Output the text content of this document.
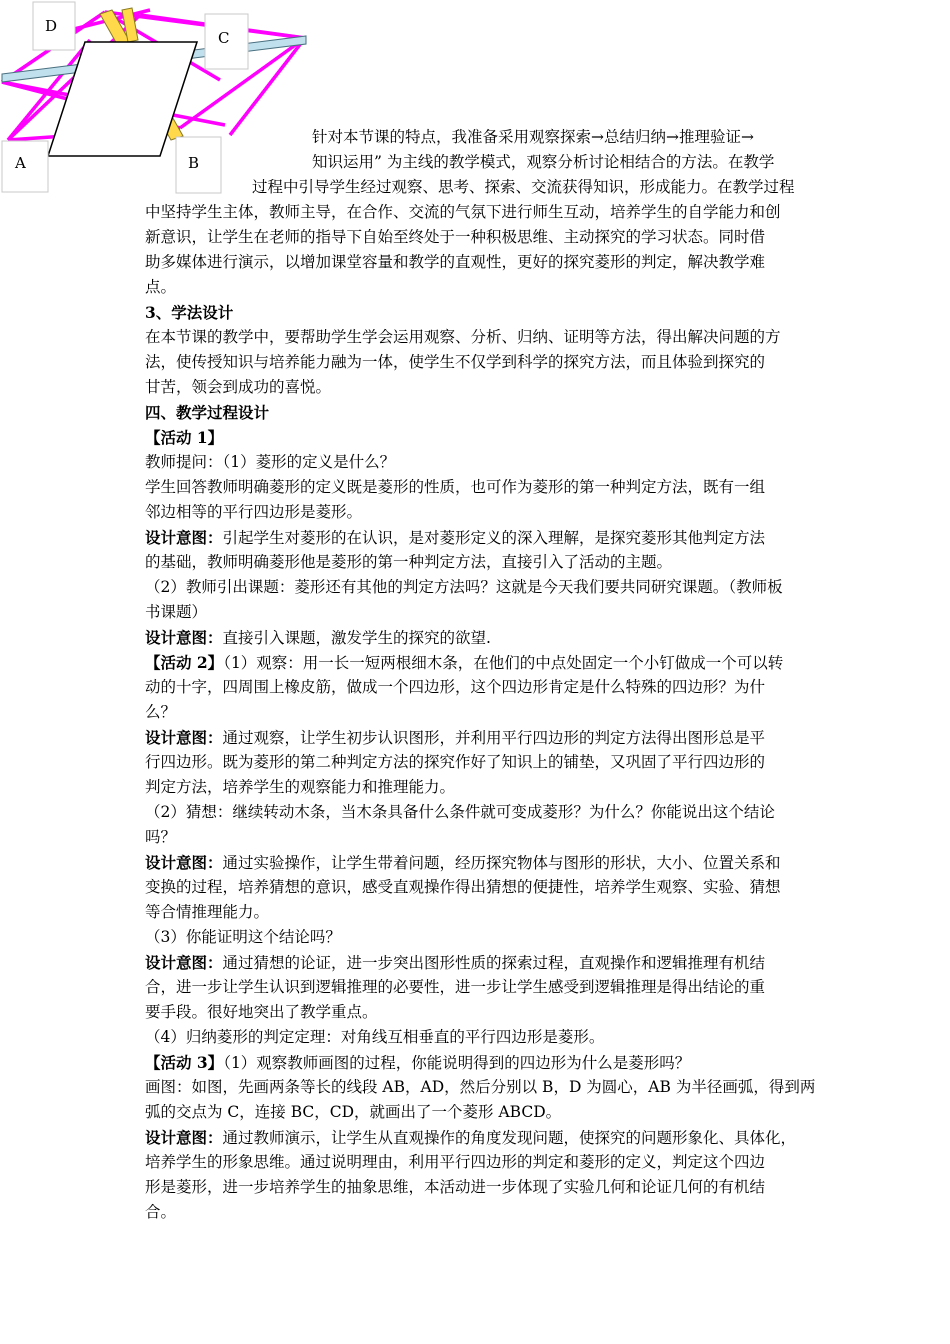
D
C
A	B
针对本节课的特点，我准备采用观察探索→总结归纳→推理验证→
知识运用” 为主线的教学模式，观察分析讨论相结合的方法。在教学
过程中引导学生经过观察、思考、探索、交流获得知识，形成能力。在教学过程
中坚持学生主体，教师主导，在合作、交流的气氛下进行师生互动，培养学生的自学能力和创
新意识，让学生在老师的指导下自始至终处于一种积极思维、主动探究的学习状态。同时借
助多媒体进行演示，以增加课堂容量和教学的直观性，更好的探究菱形的判定，解决教学难
点。
3、学法设计
在本节课的教学中，要帮助学生学会运用观察、分析、归纳、证明等方法，得出解决问题的方
法，使传授知识与培养能力融为一体，使学生不仅学到科学的探究方法，而且体验到探究的
甘苦，领会到成功的喜悦。
四、教学过程设计
【活动 1】
教师提问：（1）菱形的定义是什么？
学生回答教师明确菱形的定义既是菱形的性质，也可作为菱形的第一种判定方法，既有一组
邻边相等的平行四边形是菱形。
设计意图：引起学生对菱形的在认识，是对菱形定义的深入理解，是探究菱形其他判定方法
的基础，教师明确菱形他是菱形的第一种判定方法，直接引入了活动的主题。
（2）教师引出课题：菱形还有其他的判定方法吗？这就是今天我们要共同研究课题。（教师板
书课题）
设计意图：直接引入课题，激发学生的探究的欲望.
【活动 2】（1）观察：用一长一短两根细木条，在他们的中点处固定一个小钉做成一个可以转
动的十字，四周围上橡皮筋，做成一个四边形，这个四边形肯定是什么特殊的四边形？为什
么？
设计意图：通过观察，让学生初步认识图形，并利用平行四边形的判定方法得出图形总是平
行四边形。既为菱形的第二种判定方法的探究作好了知识上的铺垫，又巩固了平行四边形的
判定方法，培养学生的观察能力和推理能力。
（2）猜想：继续转动木条，当木条具备什么条件就可变成菱形？为什么？你能说出这个结论
吗？
设计意图：通过实验操作，让学生带着问题，经历探究物体与图形的形状，大小、位置关系和
变换的过程，培养猜想的意识，感受直观操作得出猜想的便捷性，培养学生观察、实验、猜想
等合情推理能力。
（3）你能证明这个结论吗？
设计意图：通过猜想的论证，进一步突出图形性质的探索过程，直观操作和逻辑推理有机结
合，进一步让学生认识到逻辑推理的必要性，进一步让学生感受到逻辑推理是得出结论的重
要手段。很好地突出了教学重点。
（4）归纳菱形的判定定理：对角线互相垂直的平行四边形是菱形。
【活动 3】（1）观察教师画图的过程，你能说明得到的四边形为什么是菱形吗？
画图：如图，先画两条等长的线段 AB，AD，然后分别以 B，D 为圆心，AB 为半径画弧，得到两
弧的交点为 C，连接 BC，CD，就画出了一个菱形 ABCD。
设计意图：通过教师演示，让学生从直观操作的角度发现问题，使探究的问题形象化、具体化，
培养学生的形象思维。通过说明理由，利用平行四边形的判定和菱形的定义，判定这个四边
形是菱形，进一步培养学生的抽象思维，本活动进一步体现了实验几何和论证几何的有机结
合。
